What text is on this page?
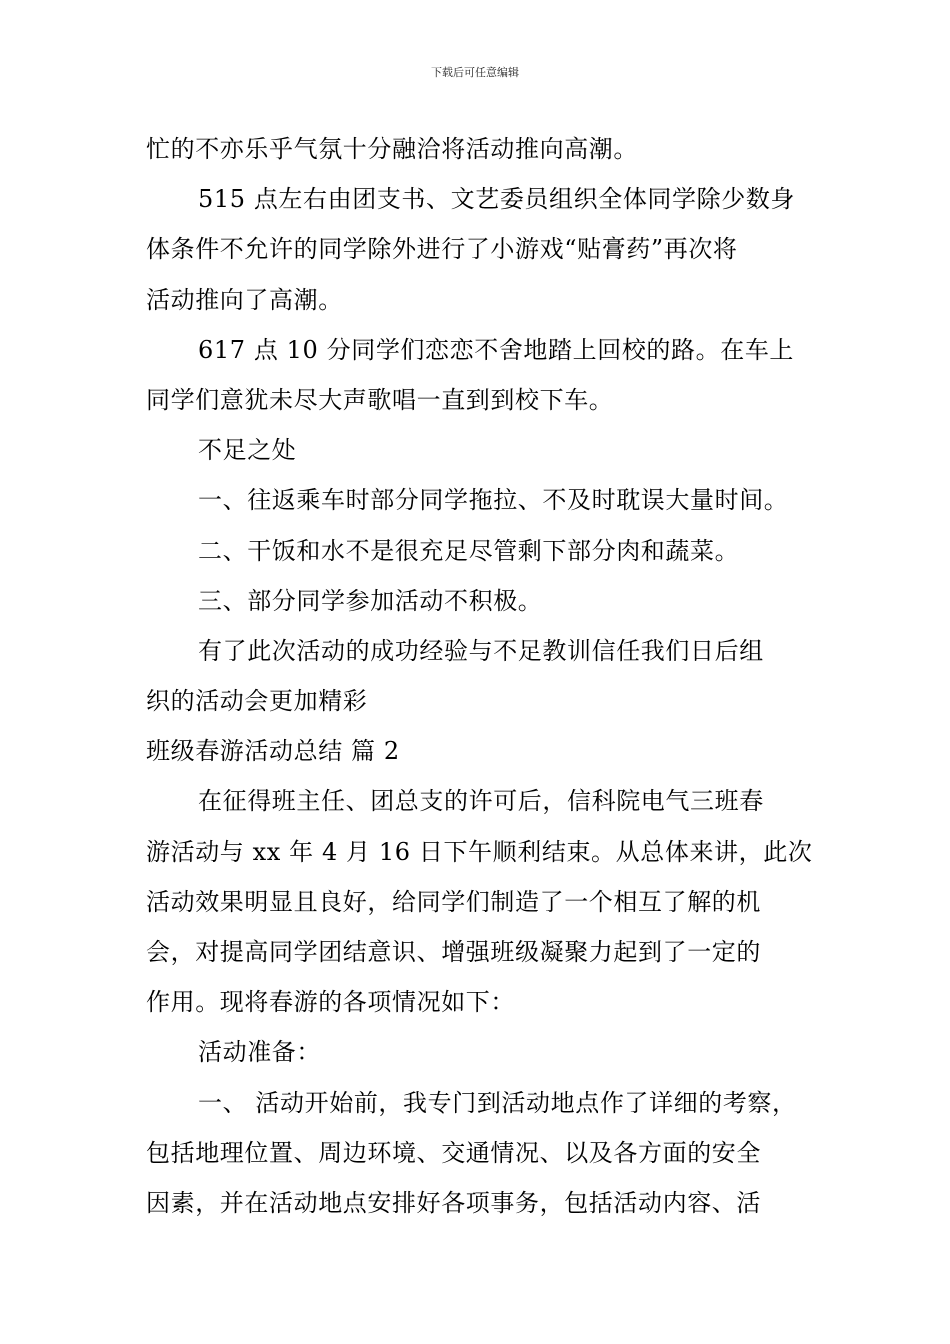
下载后可任意编辑
忙的不亦乐乎气氛十分融洽将活动推向高潮。
515 点左右由团支书、文艺委员组织全体同学除少数身
体条件不允许的同学除外进行了小游戏“贴膏药”再次将
活动推向了高潮。
617 点 10 分同学们恋恋不舍地踏上回校的路。在车上
同学们意犹未尽大声歌唱一直到到校下车。
不足之处
一、往返乘车时部分同学拖拉、不及时耽误大量时间。
二、干饭和水不是很充足尽管剩下部分肉和蔬菜。
三、部分同学参加活动不积极。
有了此次活动的成功经验与不足教训信任我们日后组
织的活动会更加精彩
班级春游活动总结 篇 2
在征得班主任、团总支的许可后，信科院电气三班春
游活动与 xx 年 4 月 16 日下午顺利结束。从总体来讲，此次
活动效果明显且良好，给同学们制造了一个相互了解的机
会，对提高同学团结意识、增强班级凝聚力起到了一定的
作用。现将春游的各项情况如下：
活动准备：
一、 活动开始前，我专门到活动地点作了详细的考察，
包括地理位置、周边环境、交通情况、以及各方面的安全
因素，并在活动地点安排好各项事务，包括活动内容、活
